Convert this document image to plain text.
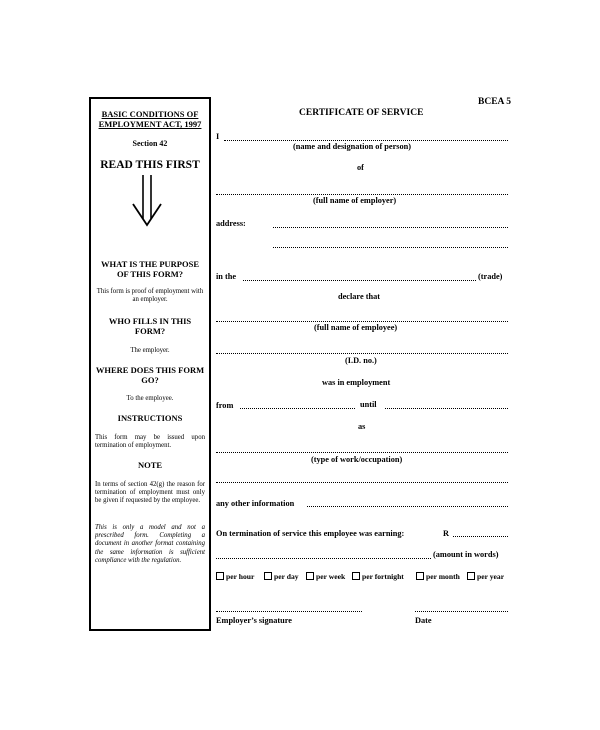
BCEA 5
BASIC CONDITIONS OF EMPLOYMENT ACT, 1997
Section 42
READ THIS FIRST
WHAT IS THE PURPOSE OF THIS FORM?
This form is proof of employment with an employer.
WHO FILLS IN THIS FORM?
The employer.
WHERE DOES THIS FORM GO?
To the employee.
INSTRUCTIONS
This form may be issued upon termination of employment.
NOTE
In terms of section 42(g) the reason for termination of employment must only be given if requested by the employee.
This is only a model and not a prescribed form. Completing a document in another format containing the same information is sufficient compliance with the regulation.
CERTIFICATE OF SERVICE
I
(name and designation of person)
of
(full name of employer)
address:
in the	(trade)
declare that
(full name of employee)
(I.D. no.)
was in employment
from	until
as
(type of work/occupation)
any other information
On termination of service this employee was earning:	R
(amount in words)
per hour	per day	per week	per fortnight	per month	per year
Employer’s signature	Date
